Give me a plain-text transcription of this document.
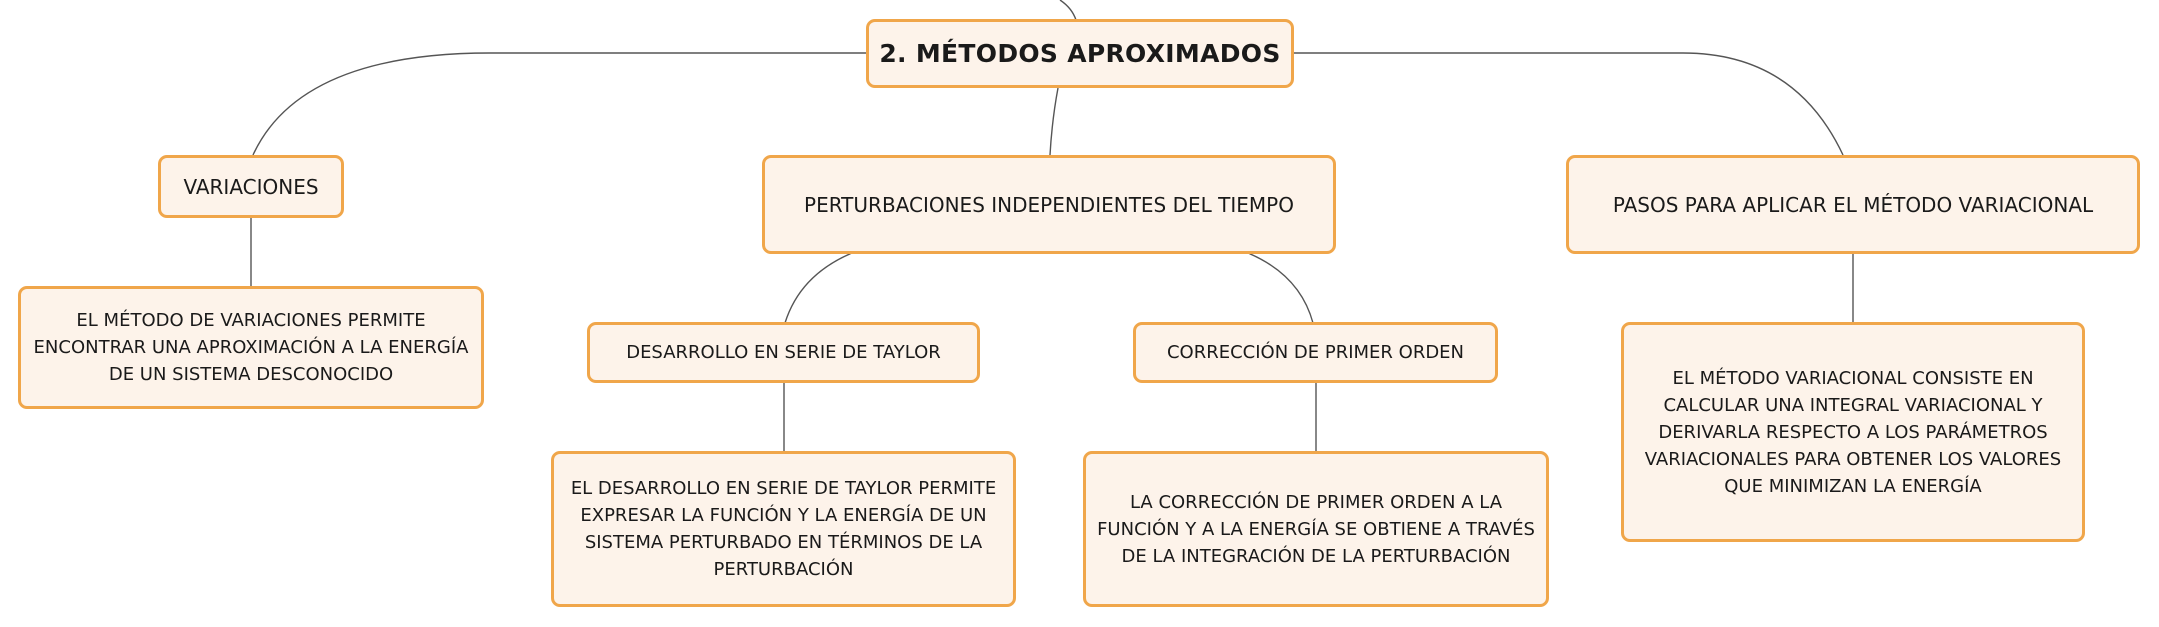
2. MÉTODOS APROXIMADOS
VARIACIONES
EL MÉTODO DE VARIACIONES PERMITE ENCONTRAR UNA APROXIMACIÓN A LA ENERGÍA DE UN SISTEMA DESCONOCIDO
PERTURBACIONES INDEPENDIENTES DEL TIEMPO
DESARROLLO EN SERIE DE TAYLOR
EL DESARROLLO EN SERIE DE TAYLOR PERMITE EXPRESAR LA FUNCIÓN Y LA ENERGÍA DE UN SISTEMA PERTURBADO EN TÉRMINOS DE LA PERTURBACIÓN
CORRECCIÓN DE PRIMER ORDEN
LA CORRECCIÓN DE PRIMER ORDEN A LA FUNCIÓN Y A LA ENERGÍA SE OBTIENE A TRAVÉS DE LA INTEGRACIÓN DE LA PERTURBACIÓN
PASOS PARA APLICAR EL MÉTODO VARIACIONAL
EL MÉTODO VARIACIONAL CONSISTE EN CALCULAR UNA INTEGRAL VARIACIONAL Y DERIVARLA RESPECTO A LOS PARÁMETROS VARIACIONALES PARA OBTENER LOS VALORES QUE MINIMIZAN LA ENERGÍA
